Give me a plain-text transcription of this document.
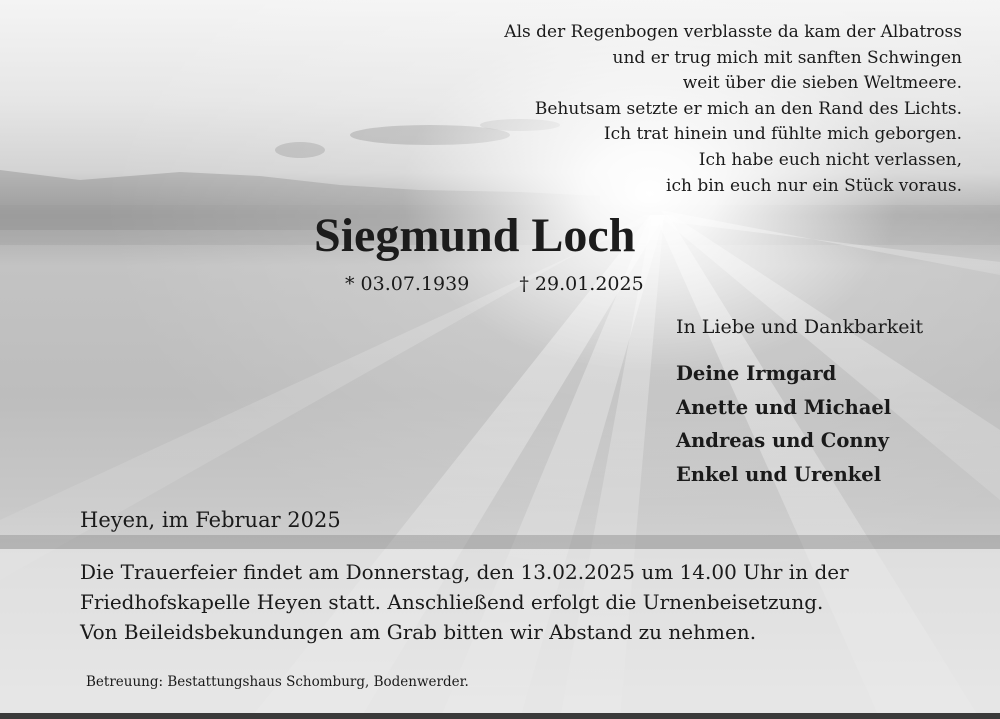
Als der Regenbogen verblasste da kam der Albatross
und er trug mich mit sanften Schwingen
weit über die sieben Weltmeere.
Behutsam setzte er mich an den Rand des Lichts.
Ich trat hinein und fühlte mich geborgen.
Ich habe euch nicht verlassen,
ich bin euch nur ein Stück voraus.
Siegmund Loch
* 03.07.1939	† 29.01.2025
In Liebe und Dankbarkeit
Deine Irmgard
Anette und Michael
Andreas und Conny
Enkel und Urenkel
Heyen, im Februar 2025
Die Trauerfeier findet am Donnerstag, den 13.02.2025 um 14.00 Uhr in der
Friedhofskapelle Heyen statt. Anschließend erfolgt die Urnenbeisetzung.
Von Beileidsbekundungen am Grab bitten wir Abstand zu nehmen.
Betreuung: Bestattungshaus Schomburg, Bodenwerder.
